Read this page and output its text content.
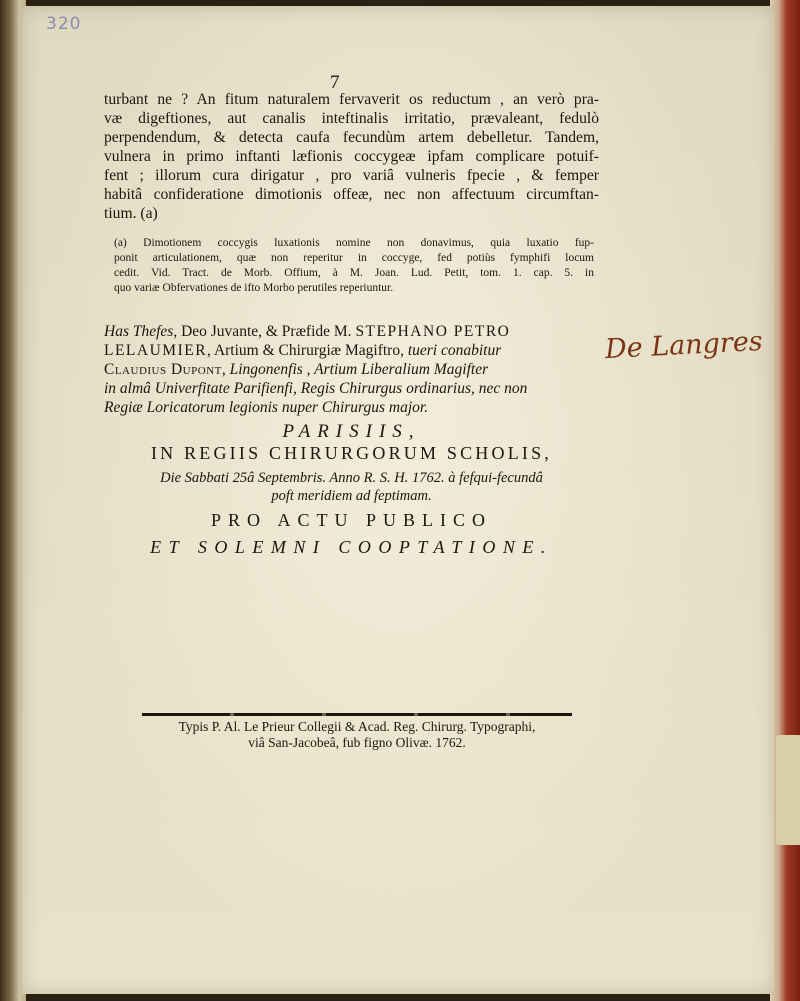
320
7
turbant ne ? An fitum naturalem fervaverit os reductum , an verò pra-
væ digeftiones, aut canalis inteftinalis irritatio, prævaleant, fedulò
perpendendum, & detecta caufa fecundùm artem debelletur. Tandem,
vulnera in primo inftanti læfionis coccygeæ ipfam complicare potuif-
fent ; illorum cura dirigatur , pro variâ vulneris fpecie , & femper
habitâ confideratione dimotionis offeæ, nec non affectuum circumftan-
tium. (a)
(a) Dimotionem coccygis luxationis nomine non donavimus, quia luxatio fup-
ponit articulationem, quæ non reperitur in coccyge, fed potiùs fymphifi locum
cedit. Vid. Tract. de Morb. Offium, à M. Joan. Lud. Petit, tom. 1. cap. 5. in
quo variæ Obfervationes de ifto Morbo perutiles reperiuntur.
Has Thefes, Deo Juvante, & Præfide M. STEPHANO PETRO
LELAUMIER, Artium & Chirurgiæ Magiftro, tueri conabitur
Claudius Dupont, Lingonenfis , Artium Liberalium Magifter
in almâ Univerfitate Parifienfi, Regis Chirurgus ordinarius, nec non
Regiæ Loricatorum legionis nuper Chirurgus major.
De Langres
PARISIIS,
IN REGIIS CHIRURGORUM SCHOLIS,
Die Sabbati 25â Septembris. Anno R. S. H. 1762. à fefqui-fecundâ
poft meridiem ad feptimam.
PRO ACTU PUBLICO
ET SOLEMNI COOPTATIONE.
Typis P. Al. Le Prieur Collegii & Acad. Reg. Chirurg. Typographi,
viâ San-Jacobeâ, fub figno Olivæ. 1762.
